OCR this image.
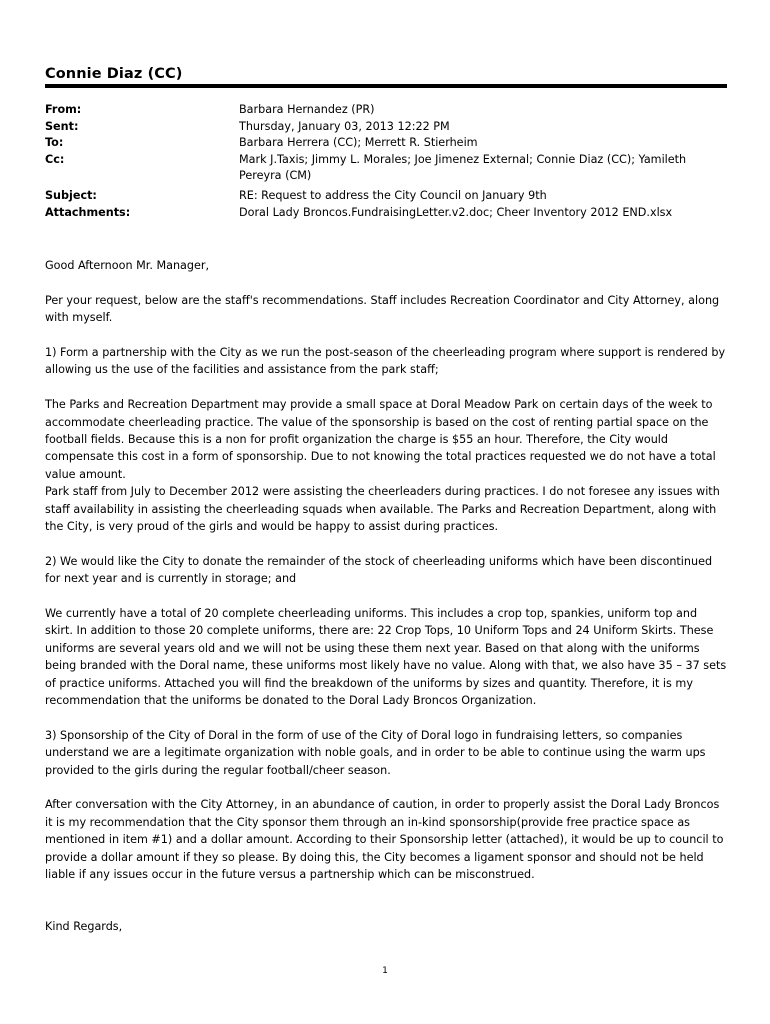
Connie Diaz (CC)
From:	Barbara Hernandez (PR)
Sent:	Thursday, January 03, 2013 12:22 PM
To:	Barbara Herrera (CC); Merrett R. Stierheim
Cc:	Mark J.Taxis; Jimmy L. Morales; Joe Jimenez External; Connie Diaz (CC); Yamileth Pereyra (CM)
Subject:	RE: Request to address the City Council on January 9th
Attachments:	Doral Lady Broncos.FundraisingLetter.v2.doc; Cheer Inventory 2012 END.xlsx

Good Afternoon Mr. Manager,

Per your request, below are the staff's recommendations. Staff includes Recreation Coordinator and City Attorney, along with myself.

1) Form a partnership with the City as we run the post-season of the cheerleading program where support is rendered by allowing us the use of the facilities and assistance from the park staff;

The Parks and Recreation Department may provide a small space at Doral Meadow Park on certain days of the week to accommodate cheerleading practice. The value of the sponsorship is based on the cost of renting partial space on the football fields. Because this is a non for profit organization the charge is $55 an hour. Therefore, the City would compensate this cost in a form of sponsorship. Due to not knowing the total practices requested we do not have a total value amount.

Park staff from July to December 2012 were assisting the cheerleaders during practices. I do not foresee any issues with staff availability in assisting the cheerleading squads when available. The Parks and Recreation Department, along with the City, is very proud of the girls and would be happy to assist during practices.

2) We would like the City to donate the remainder of the stock of cheerleading uniforms which have been discontinued for next year and is currently in storage; and

We currently have a total of 20 complete cheerleading uniforms. This includes a crop top, spankies, uniform top and skirt. In addition to those 20 complete uniforms, there are: 22 Crop Tops, 10 Uniform Tops and 24 Uniform Skirts. These uniforms are several years old and we will not be using these them next year. Based on that along with the uniforms being branded with the Doral name, these uniforms most likely have no value. Along with that, we also have 35 – 37 sets of practice uniforms. Attached you will find the breakdown of the uniforms by sizes and quantity. Therefore, it is my recommendation that the uniforms be donated to the Doral Lady Broncos Organization.

3) Sponsorship of the City of Doral in the form of use of the City of Doral logo in fundraising letters, so companies understand we are a legitimate organization with noble goals, and in order to be able to continue using the warm ups provided to the girls during the regular football/cheer season.

After conversation with the City Attorney, in an abundance of caution, in order to properly assist the Doral Lady Broncos it is my recommendation that the City sponsor them through an in-kind sponsorship(provide free practice space as mentioned in item #1) and a dollar amount. According to their Sponsorship letter (attached), it would be up to council to provide a dollar amount if they so please. By doing this, the City becomes a ligament sponsor and should not be held liable if any issues occur in the future versus a partnership which can be misconstrued.

Kind Regards,

1
